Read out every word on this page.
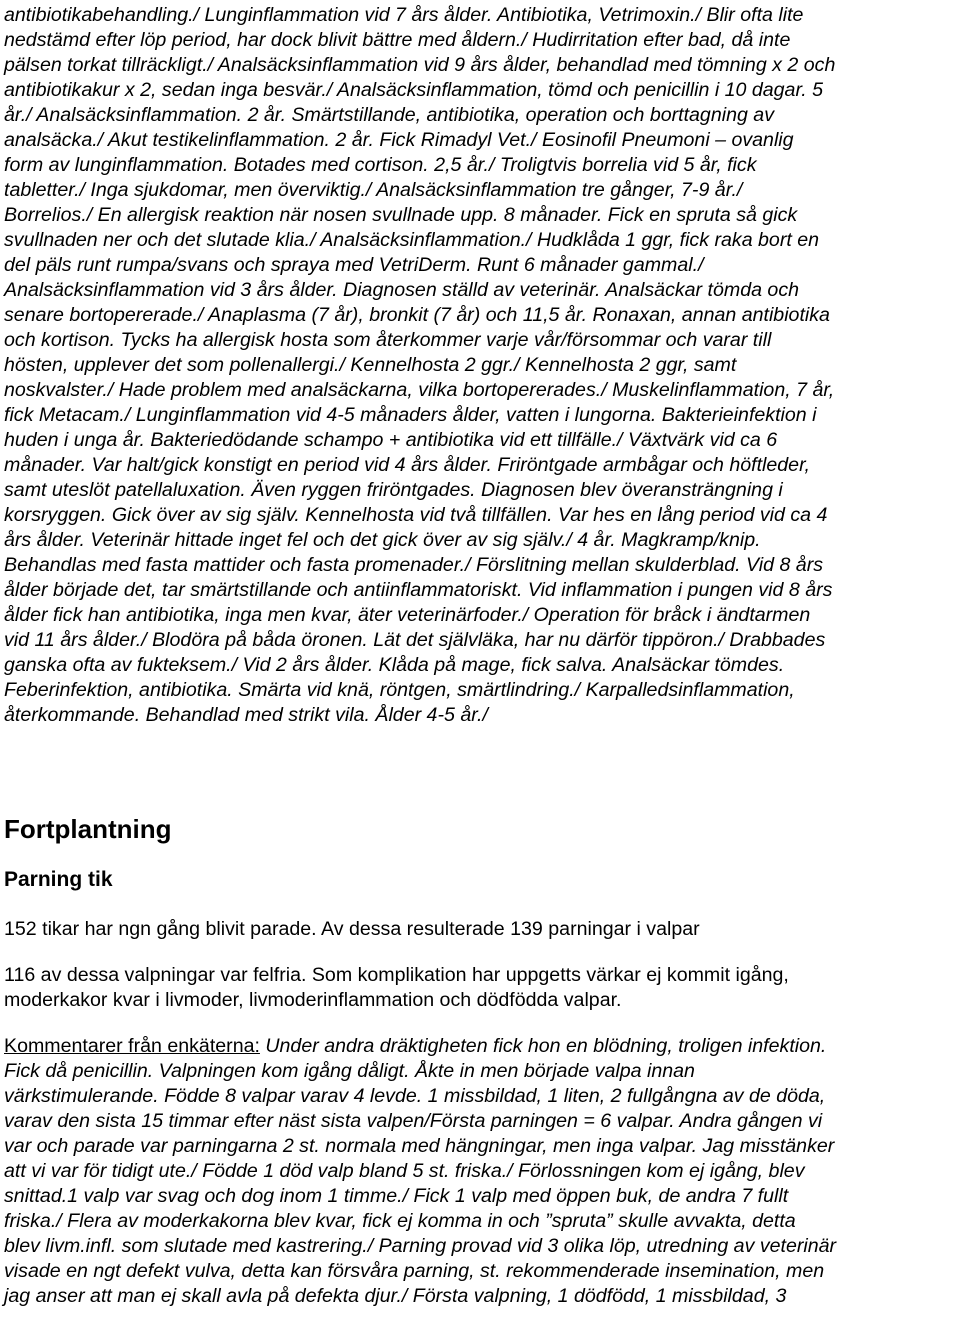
antibiotikabehandling./ Lunginflammation vid 7 års ålder. Antibiotika, Vetrimoxin./ Blir ofta lite
nedstämd efter löp period, har dock blivit bättre med åldern./ Hudirritation efter bad, då inte
pälsen torkat tillräckligt./ Analsäcksinflammation vid 9 års ålder, behandlad med tömning x 2 och
antibiotikakur x 2, sedan inga besvär./ Analsäcksinflammation, tömd och penicillin i 10 dagar. 5
år./ Analsäcksinflammation. 2 år. Smärtstillande, antibiotika, operation och borttagning av
analsäcka./ Akut testikelinflammation. 2 år. Fick Rimadyl Vet./ Eosinofil Pneumoni – ovanlig
form av lunginflammation. Botades med cortison. 2,5 år./ Troligtvis borrelia vid 5 år, fick
tabletter./ Inga sjukdomar, men överviktig./ Analsäcksinflammation tre gånger, 7-9 år./
Borrelios./ En allergisk reaktion när nosen svullnade upp. 8 månader. Fick en spruta så gick
svullnaden ner och det slutade klia./ Analsäcksinflammation./ Hudklåda 1 ggr, fick raka bort en
del päls runt rumpa/svans och spraya med VetriDerm. Runt 6 månader gammal./
Analsäcksinflammation vid 3 års ålder. Diagnosen ställd av veterinär. Analsäckar tömda och
senare bortopererade./ Anaplasma (7 år), bronkit (7 år) och 11,5 år. Ronaxan, annan antibiotika
och kortison. Tycks ha allergisk hosta som återkommer varje vår/försommar och varar till
hösten, upplever det som pollenallergi./ Kennelhosta 2 ggr./ Kennelhosta 2 ggr, samt
noskvalster./ Hade problem med analsäckarna, vilka bortopererades./ Muskelinflammation, 7 år,
fick Metacam./ Lunginflammation vid 4-5 månaders ålder, vatten i lungorna. Bakterieinfektion i
huden i unga år. Bakteriedödande schampo + antibiotika vid ett tillfälle./ Växtvärk vid ca 6
månader. Var halt/gick konstigt en period vid 4 års ålder. Friröntgade armbågar och höftleder,
samt uteslöt patellaluxation. Även ryggen friröntgades. Diagnosen blev överansträngning i
korsryggen. Gick över av sig själv. Kennelhosta vid två tillfällen. Var hes en lång period vid ca 4
års ålder. Veterinär hittade inget fel och det gick över av sig själv./ 4 år. Magkramp/knip.
Behandlas med fasta mattider och fasta promenader./ Förslitning mellan skulderblad. Vid 8 års
ålder började det, tar smärtstillande och antiinflammatoriskt. Vid inflammation i pungen vid 8 års
ålder fick han antibiotika, inga men kvar, äter veterinärfoder./ Operation för bråck i ändtarmen
vid 11 års ålder./ Blodöra på båda öronen. Lät det självläka, har nu därför tippöron./ Drabbades
ganska ofta av fukteksem./ Vid 2 års ålder. Klåda på mage, fick salva. Analsäckar tömdes.
Feberinfektion, antibiotika. Smärta vid knä, röntgen, smärtlindring./ Karpalledsinflammation,
återkommande. Behandlad med strikt vila. Ålder 4-5 år./
Fortplantning
Parning tik
152 tikar har ngn gång blivit parade. Av dessa resulterade 139 parningar i valpar
116 av dessa valpningar var felfria. Som komplikation har uppgetts värkar ej kommit igång,
moderkakor kvar i livmoder, livmoderinflammation och dödfödda valpar.
Kommentarer från enkäterna: Under andra dräktigheten fick hon en blödning, troligen infektion.
Fick då penicillin. Valpningen kom igång dåligt. Åkte in men började valpa innan
värkstimulerande. Födde 8 valpar varav 4 levde. 1 missbildad, 1 liten, 2 fullgångna av de döda,
varav den sista 15 timmar efter näst sista valpen/Första parningen = 6 valpar. Andra gången vi
var och parade var parningarna 2 st. normala med hängningar, men inga valpar. Jag misstänker
att vi var för tidigt ute./ Födde 1 död valp bland 5 st. friska./ Förlossningen kom ej igång, blev
snittad.1 valp var svag och dog inom 1 timme./ Fick 1 valp med öppen buk, de andra 7 fullt
friska./ Flera av moderkakorna blev kvar, fick ej komma in och ”spruta” skulle avvakta, detta
blev livm.infl. som slutade med kastrering./ Parning provad vid 3 olika löp, utredning av veterinär
visade en ngt defekt vulva, detta kan försvåra parning, st. rekommenderade insemination, men
jag anser att man ej skall avla på defekta djur./ Första valpning, 1 dödfödd, 1 missbildad, 3
